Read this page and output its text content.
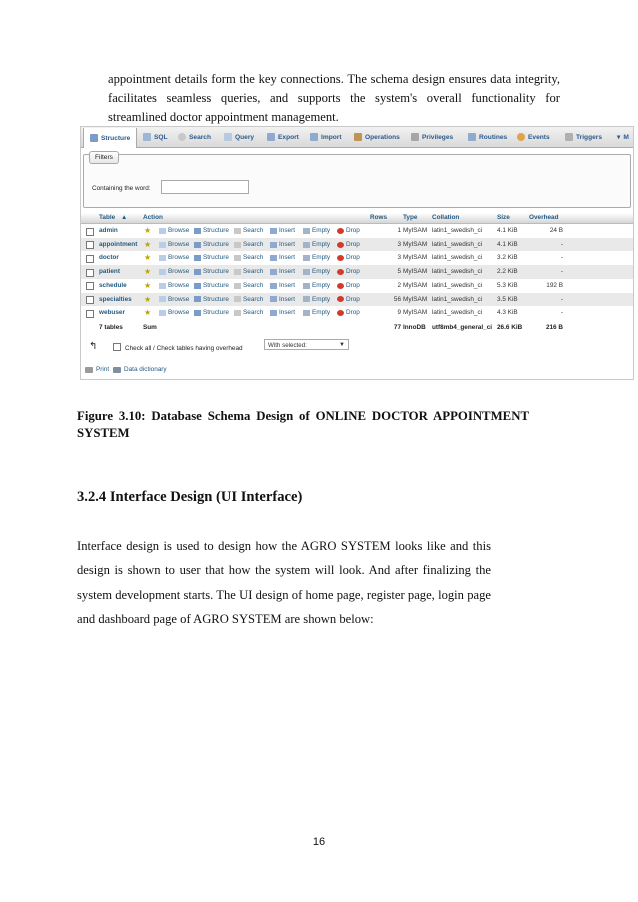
appointment details form the key connections. The schema design ensures data integrity,
facilitates seamless queries, and supports the system's overall functionality for
streamlined doctor appointment management.
Structure	SQL	Search	Query	Export	Import	Operations	Privileges	Routines	Events	Triggers ▾ M
Filters
Containing the word:
Table ▲ Action	Rows Type Collation	Size	Overhead
admin	★	Browse Structure Search Insert	Empty Drop	1 MyISAM latin1_swedish_ci 4.1 KiB	24 B
appointment ★	Browse Structure Search Insert	Empty Drop	3 MyISAM latin1_swedish_ci 4.1 KiB	-
doctor	★	Browse Structure Search Insert	Empty Drop	3 MyISAM latin1_swedish_ci 3.2 KiB	-
patient	★	Browse Structure Search Insert	Empty Drop	5 MyISAM latin1_swedish_ci 2.2 KiB	-
schedule ★	Browse Structure Search Insert	Empty Drop	2 MyISAM latin1_swedish_ci 5.3 KiB	192 B
specialties ★	Browse Structure Search Insert	Empty Drop	56 MyISAM latin1_swedish_ci 3.5 KiB	-
webuser ★	Browse Structure Search Insert	Empty Drop	9 MyISAM latin1_swedish_ci 4.3 KiB	-
7 tables	Sum	77 InnoDB utf8mb4_general_ci 26.6 KiB	216 B
↰	Check all / Check tables having overhead	With selected:	▼
Print Data dictionary
Figure 3.10: Database Schema Design of ONLINE DOCTOR APPOINTMENT
SYSTEM
3.2.4 Interface Design (UI Interface)
Interface design is used to design how the AGRO SYSTEM looks like and this
design is shown to user that how the system will look. And after finalizing the
system development starts. The UI design of home page, register page, login page
and dashboard page of AGRO SYSTEM are shown below:
16
